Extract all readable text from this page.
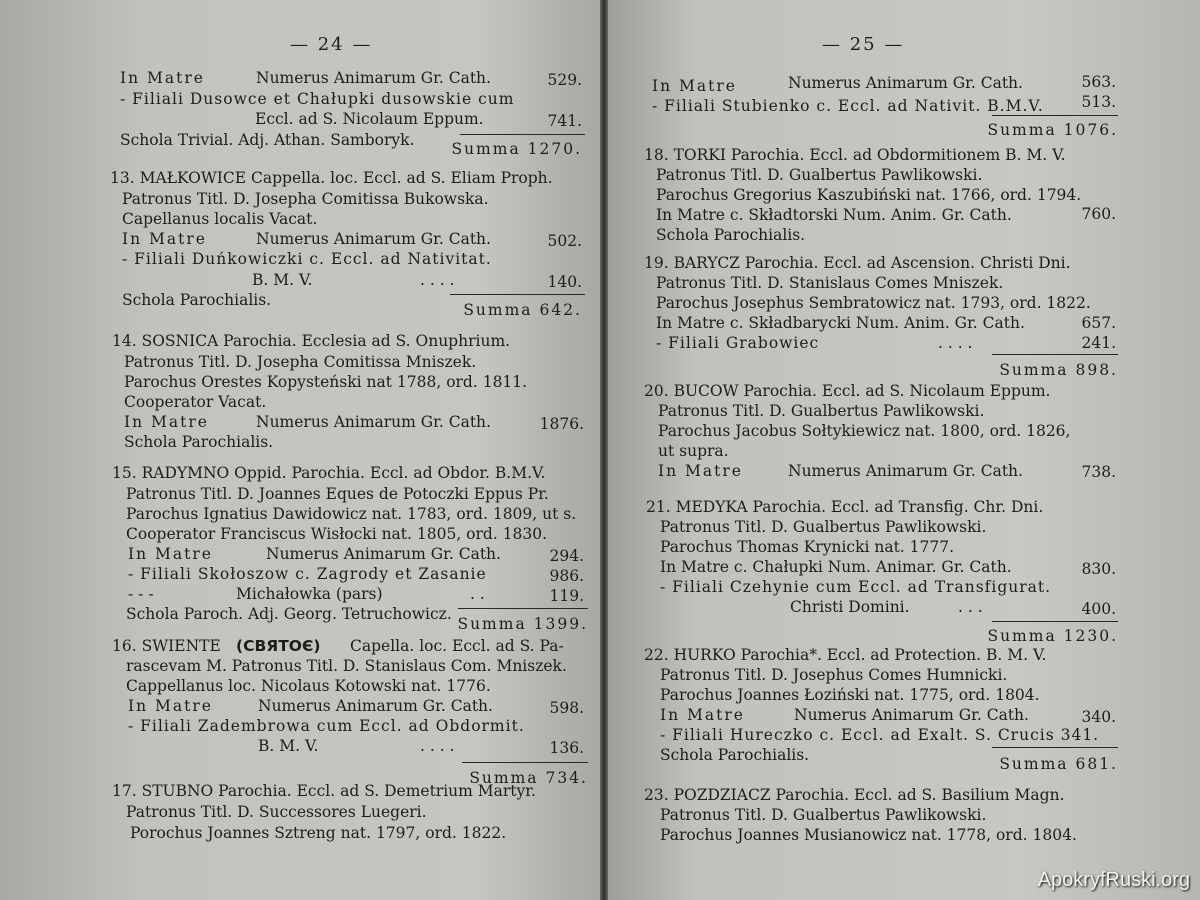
— 24 —
In Matre	Numerus Animarum Gr. Cath.	529.
- Filiali Dusowce et Chałupki dusowskie cum
Eccl. ad S. Nicolaum Eppum.	741.
Schola Trivial. Adj. Athan. Samboryk.	Summa 1270.
13. MAŁKOWICE Cappella. loc. Eccl. ad S. Eliam Proph.
Patronus Titl. D. Josepha Comitissa Bukowska.
Capellanus localis Vacat.
In Matre	Numerus Animarum Gr. Cath.	502.
- Filiali Duńkowiczki c. Eccl. ad Nativitat.
B. M. V.	. . . .	140.
Schola Parochialis.
Summa 642.
14. SOSNICA Parochia. Ecclesia ad S. Onuphrium.
Patronus Titl. D. Josepha Comitissa Mniszek.
Parochus Orestes Kopysteński nat 1788, ord. 1811.
Cooperator Vacat.
In Matre	Numerus Animarum Gr. Cath.	1876.
Schola Parochialis.
15. RADYMNO Oppid. Parochia. Eccl. ad Obdor. B.M.V.
Patronus Titl. D. Joannes Eques de Potoczki Eppus Pr.
Parochus Ignatius Dawidowicz nat. 1783, ord. 1809, ut s.
Cooperator Franciscus Wisłocki nat. 1805, ord. 1830.
In Matre	Numerus Animarum Gr. Cath.	294.
- Filiali Skołoszow c. Zagrody et Zasanie	986.
- - -	Michałowka (pars)	. .	119.
Schola Paroch. Adj. Georg. Tetruchowicz.
Summa 1399.
16. SWIENTE (СВЯТОЄ) Capella. loc. Eccl. ad S. Pa-
rascevam M. Patronus Titl. D. Stanislaus Com. Mniszek.
Cappellanus loc. Nicolaus Kotowski nat. 1776.
In Matre	Numerus Animarum Gr. Cath.	598.
- Filiali Zadembrowa cum Eccl. ad Obdormit.
B. M. V.	. . . .	136.
Summa 734.
17. STUBNO Parochia. Eccl. ad S. Demetrium Martyr.
Patronus Titl. D. Successores Luegeri.
Porochus Joannes Sztreng nat. 1797, ord. 1822.
— 25 —
In Matre	Numerus Animarum Gr. Cath.	563.
- Filiali Stubienko c. Eccl. ad Nativit. B.M.V.	513.
Summa 1076.
18. TORKI Parochia. Eccl. ad Obdormitionem B. M. V.
Patronus Titl. D. Gualbertus Pawlikowski.
Parochus Gregorius Kaszubiński nat. 1766, ord. 1794.
In Matre c. Składtorski Num. Anim. Gr. Cath.	760.
Schola Parochialis.
19. BARYCZ Parochia. Eccl. ad Ascension. Christi Dni.
Patronus Titl. D. Stanislaus Comes Mniszek.
Parochus Josephus Sembratowicz nat. 1793, ord. 1822.
In Matre c. Składbarycki Num. Anim. Gr. Cath.	657.
- Filiali Grabowiec	. . . .	241.
Summa 898.
20. BUCOW Parochia. Eccl. ad S. Nicolaum Eppum.
Patronus Titl. D. Gualbertus Pawlikowski.
Parochus Jacobus Sołtykiewicz nat. 1800, ord. 1826,
ut supra.
In Matre	Numerus Animarum Gr. Cath.	738.
21. MEDYKA Parochia. Eccl. ad Transfig. Chr. Dni.
Patronus Titl. D. Gualbertus Pawlikowski.
Parochus Thomas Krynicki nat. 1777.
In Matre c. Chałupki Num. Animar. Gr. Cath.	830.
- Filiali Czehynie cum Eccl. ad Transfigurat.
Christi Domini.	. . .	400.
Summa 1230.
22. HURKO Parochia*. Eccl. ad Protection. B. M. V.
Patronus Titl. D. Josephus Comes Humnicki.
Parochus Joannes Łoziński nat. 1775, ord. 1804.
In Matre	Numerus Animarum Gr. Cath.	340.
- Filiali Hureczko c. Eccl. ad Exalt. S. Crucis 341.
Schola Parochialis.	Summa 681.
23. POZDZIACZ Parochia. Eccl. ad S. Basilium Magn.
Patronus Titl. D. Gualbertus Pawlikowski.
Parochus Joannes Musianowicz nat. 1778, ord. 1804.
ApokryfRuski.org
